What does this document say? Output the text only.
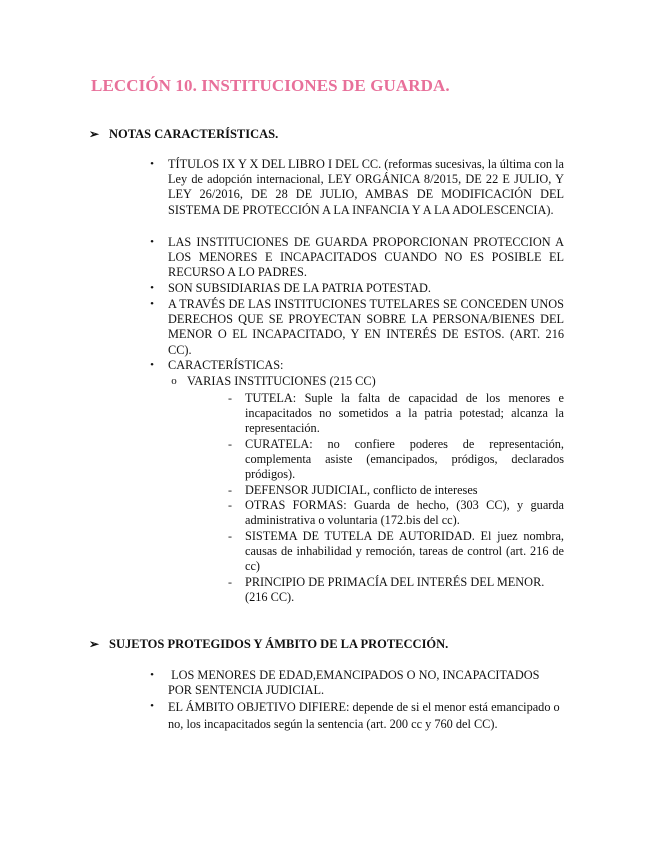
LECCIÓN 10. INSTITUCIONES DE GUARDA.
➢ NOTAS CARACTERÍSTICAS.
•	TÍTULOS IX Y X DEL LIBRO I DEL CC. (reformas sucesivas, la última con la Ley de adopción internacional, LEY ORGÁNICA 8/2015, DE 22 E JULIO, Y LEY 26/2016, DE 28 DE JULIO, AMBAS DE MODIFICACIÓN DEL SISTEMA DE PROTECCIÓN A LA INFANCIA Y A LA ADOLESCENCIA).
•	LAS INSTITUCIONES DE GUARDA PROPORCIONAN PROTECCION A LOS MENORES E INCAPACITADOS CUANDO NO ES POSIBLE EL RECURSO A LO PADRES.
•	SON SUBSIDIARIAS DE LA PATRIA POTESTAD.
•	A TRAVÉS DE LAS INSTITUCIONES TUTELARES SE CONCEDEN UNOS DERECHOS QUE SE PROYECTAN SOBRE LA PERSONA/BIENES DEL MENOR O EL INCAPACITADO, Y EN INTERÉS DE ESTOS. (ART. 216 CC).
•	CARACTERÍSTICAS:
o VARIAS INSTITUCIONES (215 CC)
- TUTELA: Suple la falta de capacidad de los menores e incapacitados no sometidos a la patria potestad; alcanza la representación.
- CURATELA: no confiere poderes de representación, complementa asiste (emancipados, pródigos, declarados pródigos).
- DEFENSOR JUDICIAL, conflicto de intereses
- OTRAS FORMAS: Guarda de hecho, (303 CC), y guarda administrativa o voluntaria (172.bis del cc).
- SISTEMA DE TUTELA DE AUTORIDAD. El juez nombra, causas de inhabilidad y remoción, tareas de control (art. 216 de cc)
- PRINCIPIO DE PRIMACÍA DEL INTERÉS DEL MENOR. (216 CC).
➢ SUJETOS PROTEGIDOS Y ÁMBITO DE LA PROTECCIÓN.
•	LOS MENORES DE EDAD,EMANCIPADOS O NO, INCAPACITADOS POR SENTENCIA JUDICIAL.
•	EL ÁMBITO OBJETIVO DIFIERE: depende de si el menor está emancipado o no, los incapacitados según la sentencia (art. 200 cc y 760 del CC).
